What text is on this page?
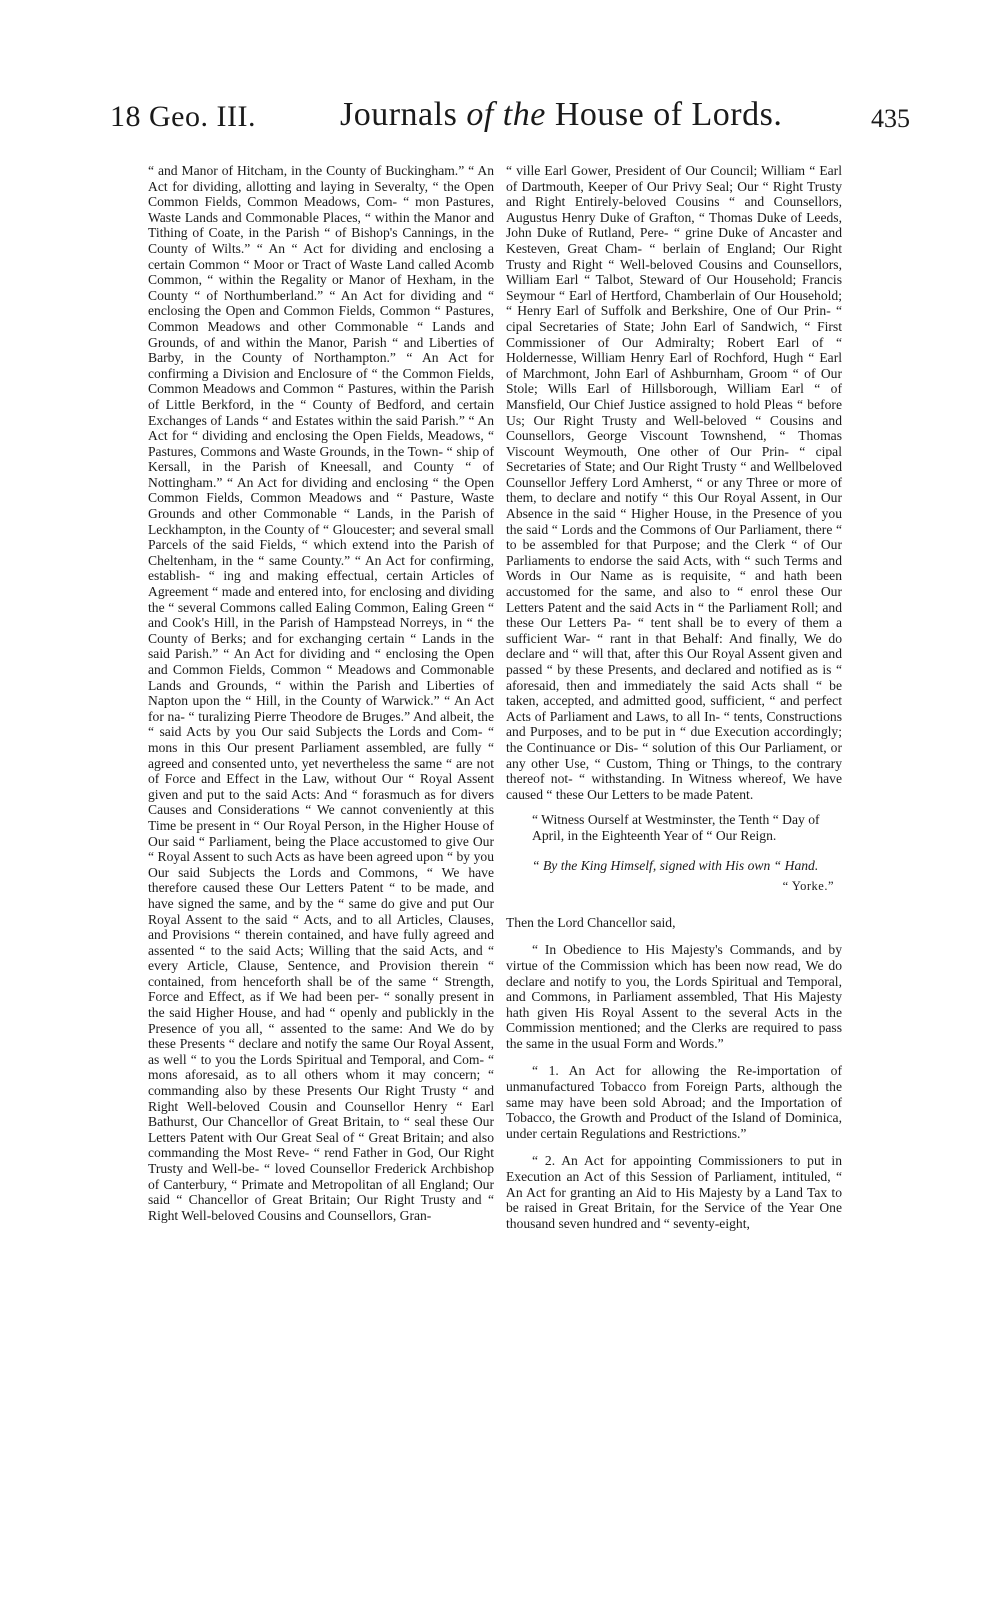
18 Geo. III. Journals of the House of Lords.	435

“ and Manor of Hitcham, in the County of Buckingham.” “ An Act for dividing, allotting and laying in Severalty, “ the Open Common Fields, Common Meadows, Com- “ mon Pastures, Waste Lands and Commonable Places, “ within the Manor and Tithing of Coate, in the Parish “ of Bishop's Cannings, in the County of Wilts.” “ An “ Act for dividing and enclosing a certain Common “ Moor or Tract of Waste Land called Acomb Common, “ within the Regality or Manor of Hexham, in the County “ of Northumberland.” “ An Act for dividing and “ enclosing the Open and Common Fields, Common “ Pastures, Common Meadows and other Commonable “ Lands and Grounds, of and within the Manor, Parish “ and Liberties of Barby, in the County of Northampton.” “ An Act for confirming a Division and Enclosure of “ the Common Fields, Common Meadows and Common “ Pastures, within the Parish of Little Berkford, in the “ County of Bedford, and certain Exchanges of Lands “ and Estates within the said Parish.” “ An Act for “ dividing and enclosing the Open Fields, Meadows, “ Pastures, Commons and Waste Grounds, in the Town- “ ship of Kersall, in the Parish of Kneesall, and County “ of Nottingham.” “ An Act for dividing and enclosing “ the Open Common Fields, Common Meadows and “ Pasture, Waste Grounds and other Commonable “ Lands, in the Parish of Leckhampton, in the County of “ Gloucester; and several small Parcels of the said Fields, “ which extend into the Parish of Cheltenham, in the “ same County.” “ An Act for confirming, establish- “ ing and making effectual, certain Articles of Agreement “ made and entered into, for enclosing and dividing the “ several Commons called Ealing Common, Ealing Green “ and Cook's Hill, in the Parish of Hampstead Norreys, in “ the County of Berks; and for exchanging certain “ Lands in the said Parish.” “ An Act for dividing and “ enclosing the Open and Common Fields, Common “ Meadows and Commonable Lands and Grounds, “ within the Parish and Liberties of Napton upon the “ Hill, in the County of Warwick.” “ An Act for na- “ turalizing Pierre Theodore de Bruges.” And albeit, the “ said Acts by you Our said Subjects the Lords and Com- “ mons in this Our present Parliament assembled, are fully “ agreed and consented unto, yet nevertheless the same “ are not of Force and Effect in the Law, without Our “ Royal Assent given and put to the said Acts: And “ forasmuch as for divers Causes and Considerations “ We cannot conveniently at this Time be present in “ Our Royal Person, in the Higher House of Our said “ Parliament, being the Place accustomed to give Our “ Royal Assent to such Acts as have been agreed upon “ by you Our said Subjects the Lords and Commons, “ We have therefore caused these Our Letters Patent “ to be made, and have signed the same, and by the “ same do give and put Our Royal Assent to the said “ Acts, and to all Articles, Clauses, and Provisions “ therein contained, and have fully agreed and assented “ to the said Acts; Willing that the said Acts, and “ every Article, Clause, Sentence, and Provision therein “ contained, from henceforth shall be of the same “ Strength, Force and Effect, as if We had been per- “ sonally present in the said Higher House, and had “ openly and publickly in the Presence of you all, “ assented to the same: And We do by these Presents “ declare and notify the same Our Royal Assent, as well “ to you the Lords Spiritual and Temporal, and Com- “ mons aforesaid, as to all others whom it may concern; “ commanding also by these Presents Our Right Trusty “ and Right Well-beloved Cousin and Counsellor Henry “ Earl Bathurst, Our Chancellor of Great Britain, to “ seal these Our Letters Patent with Our Great Seal of “ Great Britain; and also commanding the Most Reve- “ rend Father in God, Our Right Trusty and Well-be- “ loved Counsellor Frederick Archbishop of Canterbury, “ Primate and Metropolitan of all England; Our said “ Chancellor of Great Britain; Our Right Trusty and “ Right Well-beloved Cousins and Counsellors, Gran-

“ ville Earl Gower, President of Our Council; William “ Earl of Dartmouth, Keeper of Our Privy Seal; Our “ Right Trusty and Right Entirely-beloved Cousins “ and Counsellors, Augustus Henry Duke of Grafton, “ Thomas Duke of Leeds, John Duke of Rutland, Pere- “ grine Duke of Ancaster and Kesteven, Great Cham- “ berlain of England; Our Right Trusty and Right “ Well-beloved Cousins and Counsellors, William Earl “ Talbot, Steward of Our Household; Francis Seymour “ Earl of Hertford, Chamberlain of Our Household; “ Henry Earl of Suffolk and Berkshire, One of Our Prin- “ cipal Secretaries of State; John Earl of Sandwich, “ First Commissioner of Our Admiralty; Robert Earl of “ Holdernesse, William Henry Earl of Rochford, Hugh “ Earl of Marchmont, John Earl of Ashburnham, Groom “ of Our Stole; Wills Earl of Hillsborough, William Earl “ of Mansfield, Our Chief Justice assigned to hold Pleas “ before Us; Our Right Trusty and Well-beloved “ Cousins and Counsellors, George Viscount Townshend, “ Thomas Viscount Weymouth, One other of Our Prin- “ cipal Secretaries of State; and Our Right Trusty “ and Wellbeloved Counsellor Jeffery Lord Amherst, “ or any Three or more of them, to declare and notify “ this Our Royal Assent, in Our Absence in the said “ Higher House, in the Presence of you the said “ Lords and the Commons of Our Parliament, there “ to be assembled for that Purpose; and the Clerk “ of Our Parliaments to endorse the said Acts, with “ such Terms and Words in Our Name as is requisite, “ and hath been accustomed for the same, and also to “ enrol these Our Letters Patent and the said Acts in “ the Parliament Roll; and these Our Letters Pa- “ tent shall be to every of them a sufficient War- “ rant in that Behalf: And finally, We do declare and “ will that, after this Our Royal Assent given and passed “ by these Presents, and declared and notified as is “ aforesaid, then and immediately the said Acts shall “ be taken, accepted, and admitted good, sufficient, “ and perfect Acts of Parliament and Laws, to all In- “ tents, Constructions and Purposes, and to be put in “ due Execution accordingly; the Continuance or Dis- “ solution of this Our Parliament, or any other Use, “ Custom, Thing or Things, to the contrary thereof not- “ withstanding. In Witness whereof, We have caused “ these Our Letters to be made Patent.

“ Witness Ourself at Westminster, the Tenth “ Day of April, in the Eighteenth Year of “ Our Reign.

“ By the King Himself, signed with His own “ Hand.

“ Yorke.”

Then the Lord Chancellor said,

“ In Obedience to His Majesty's Commands, and by virtue of the Commission which has been now read, We do declare and notify to you, the Lords Spiritual and Temporal, and Commons, in Parliament assembled, That His Majesty hath given His Royal Assent to the several Acts in the Commission mentioned; and the Clerks are required to pass the same in the usual Form and Words.”

“ 1. An Act for allowing the Re-importation of unmanufactured Tobacco from Foreign Parts, although the same may have been sold Abroad; and the Importation of Tobacco, the Growth and Product of the Island of Dominica, under certain Regulations and Restrictions.”

“ 2. An Act for appointing Commissioners to put in Execution an Act of this Session of Parliament, intituled, “ An Act for granting an Aid to His Majesty by a Land Tax to be raised in Great Britain, for the Service of the Year One thousand seven hundred and “ seventy-eight,
